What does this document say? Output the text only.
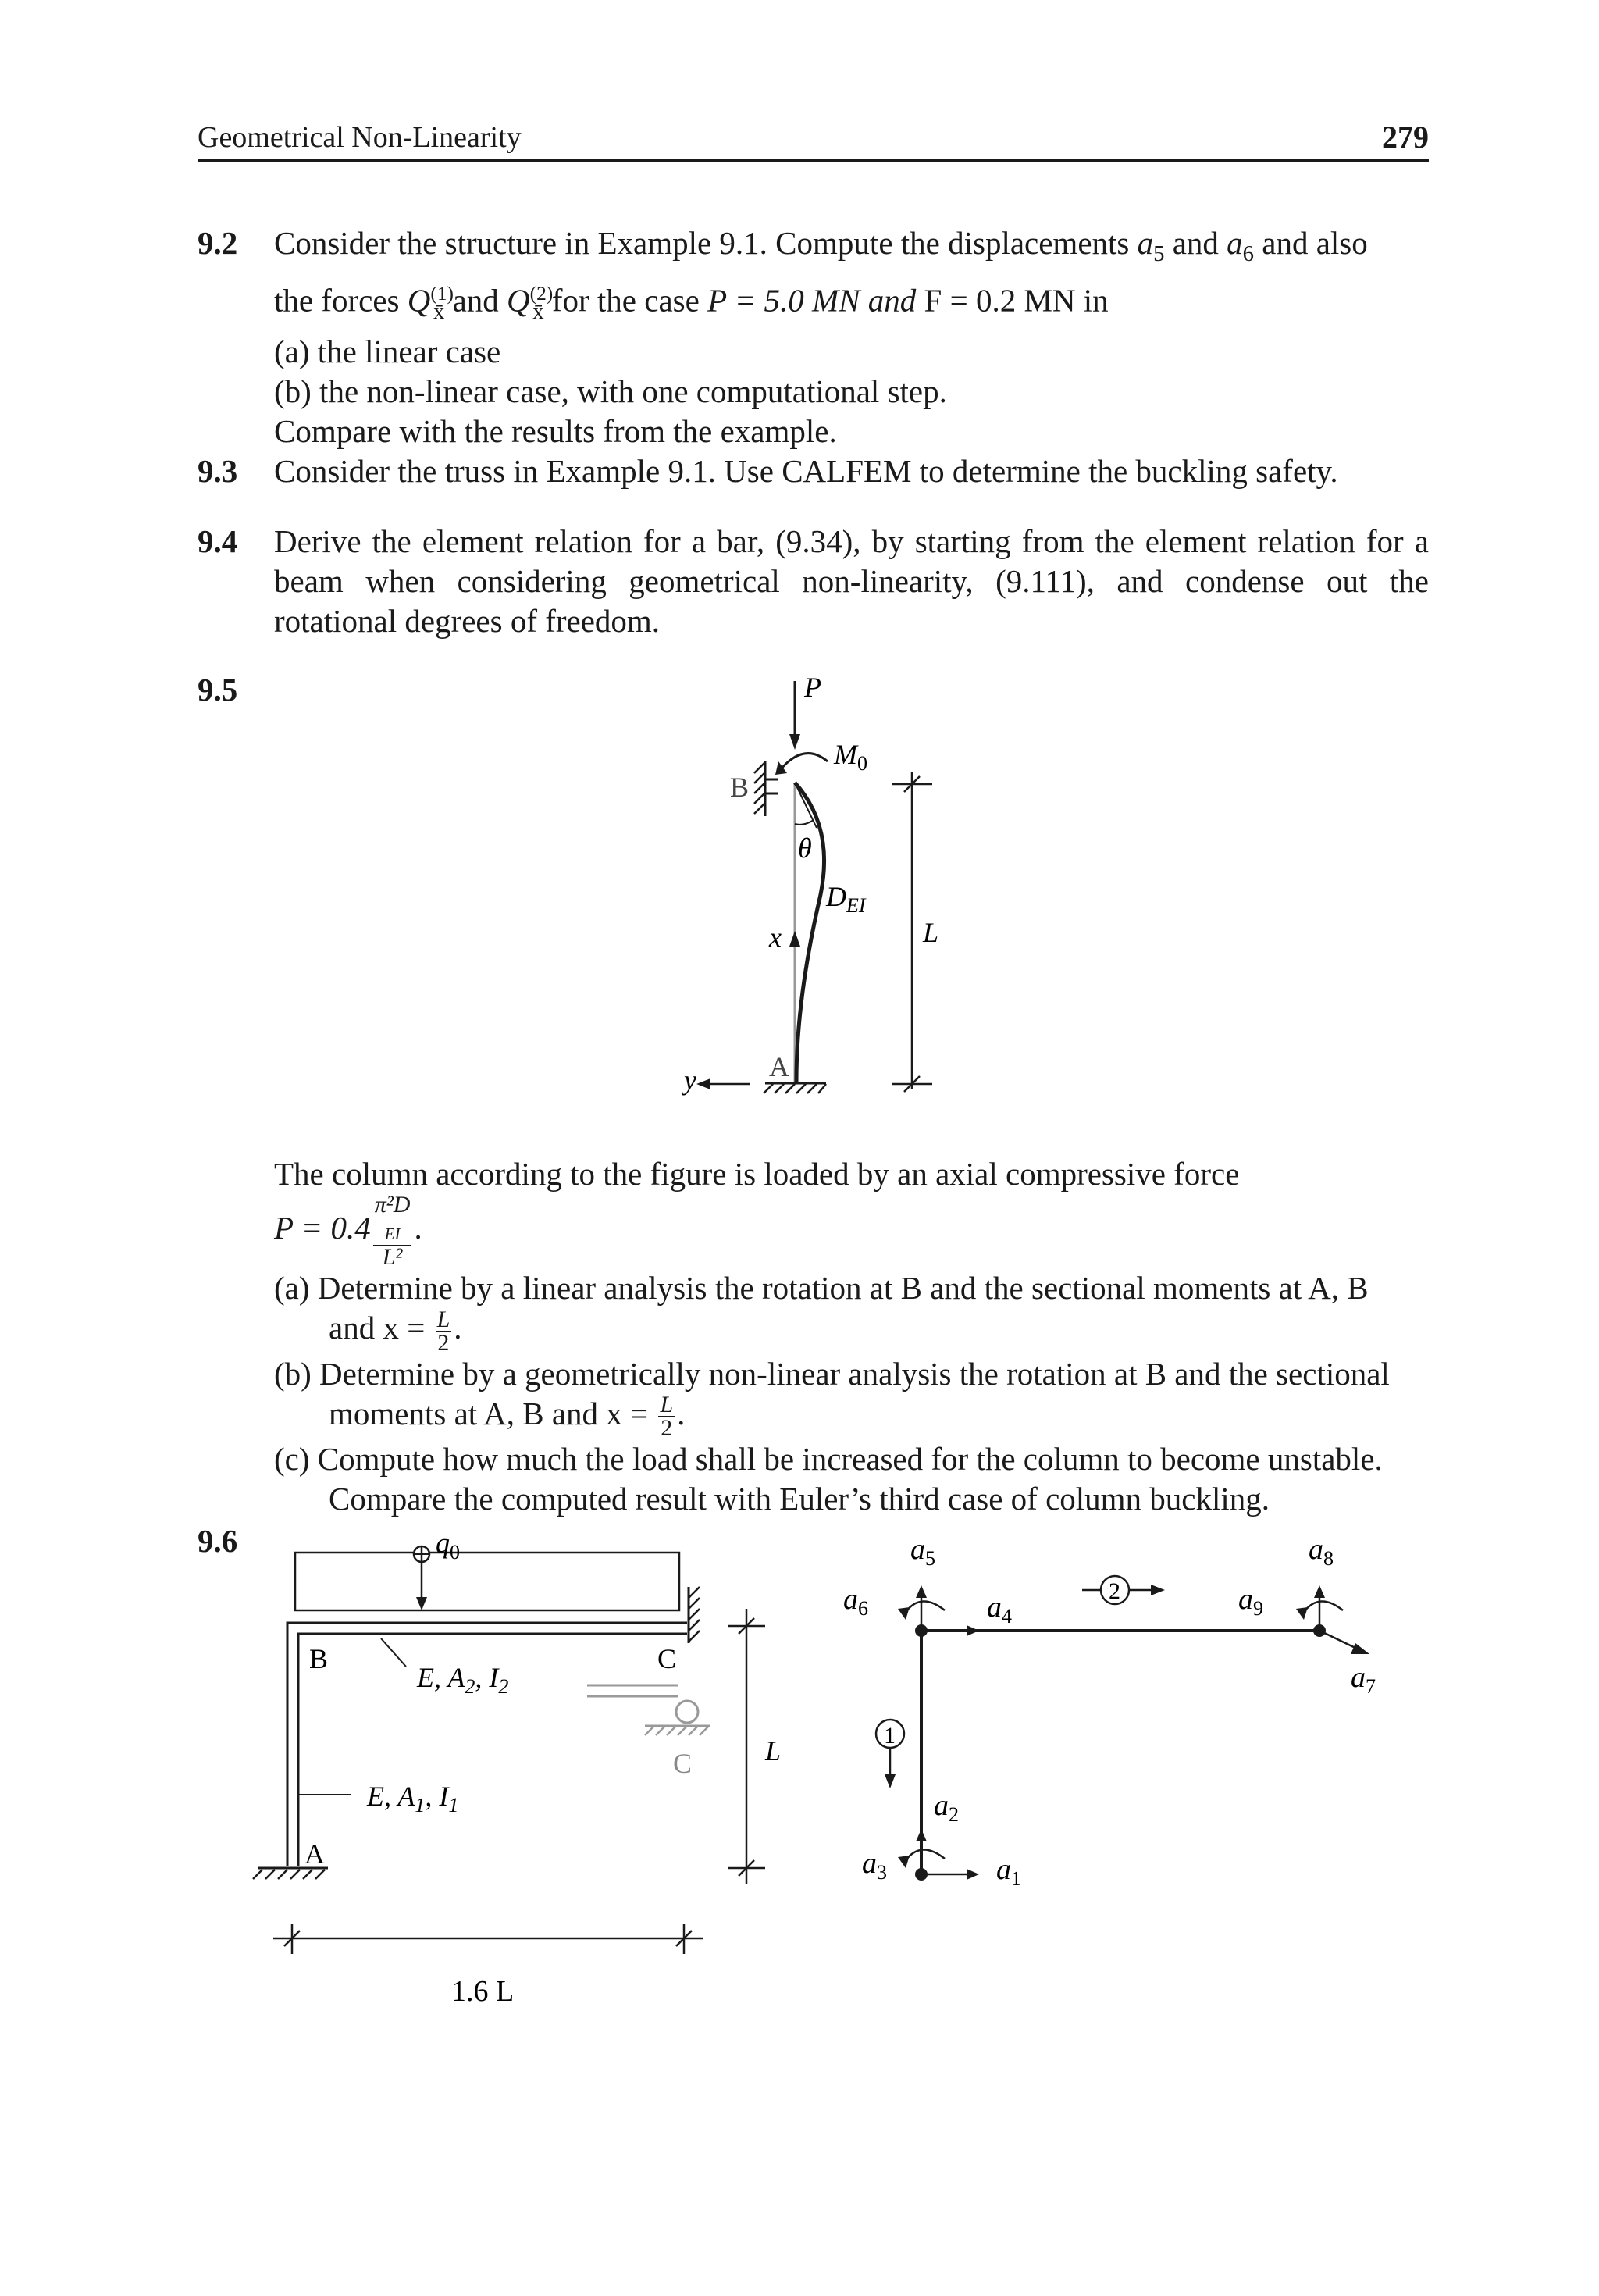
Geometrical Non-Linearity	279
9.2 Consider the structure in Example 9.1. Compute the displacements $a_5$ and $a_6$ and also
the forces $Q^{(1)}_{x̄}$ and $Q^{(2)}_{x̄}$ for the case P = 5.0 MN and F = 0.2 MN in
(a) the linear case
(b) the non-linear case, with one computational step.
Compare with the results from the example.
9.3 Consider the truss in Example 9.1. Use CALFEM to determine the buckling safety.
9.4 Derive the element relation for a bar, (9.34), by starting from the element relation for a beam when considering geometrical non-linearity, (9.111), and condense out the rotational degrees of freedom.
9.5	P
$M_0$
B
θ
$D_{EI}$
x
A
y
L
The column according to the figure is loaded by an axial compressive force
P = 0.4 π²D
$_{EI}$
L² .
(a) Determine by a linear analysis the rotation at B and the sectional moments at A, B
and $x = \frac{L}{2}$ .
(b) Determine by a geometrically non-linear analysis the rotation at B and the sectional
moments at A, B and $x = \frac{L}{2}$ .
(c) Compute how much the load shall be increased for the column to become unstable.
Compare the computed result with Euler’s third case of column buckling.
9.6	$q_0$
B	C
E, $A_2$, $I_2$
C
E, $A_1$, $I_1$
A
L
1.6 L
$a_5$
$a_4$
$a_6$
$a_8$
$a_7$
$a_9$
$a_2$
$a_1$
$a_3$
1
2
